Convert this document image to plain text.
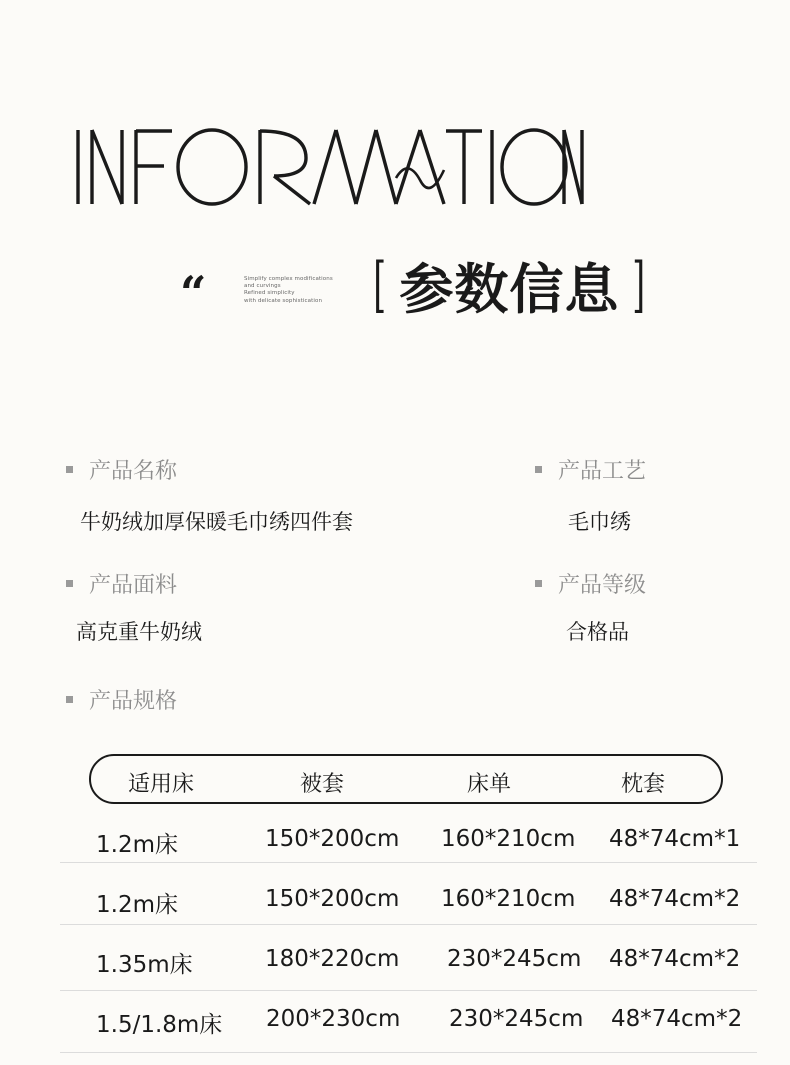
“	Simplify complex modifications
and curvings
Refined simplicity
with delicate sophistication [ 参数信息 ]
产品名称
牛奶绒加厚保暖毛巾绣四件套
产品工艺
毛巾绣
产品面料
高克重牛奶绒
产品等级
合格品
产品规格
适用床	被套	床单	枕套
1.2m床	150*200cm 160*210cm 48*74cm*1
1.2m床	150*200cm 160*210cm 48*74cm*2
1.35m床	180*220cm 230*245cm 48*74cm*2
1.5/1.8m床 200*230cm 230*245cm 48*74cm*2
